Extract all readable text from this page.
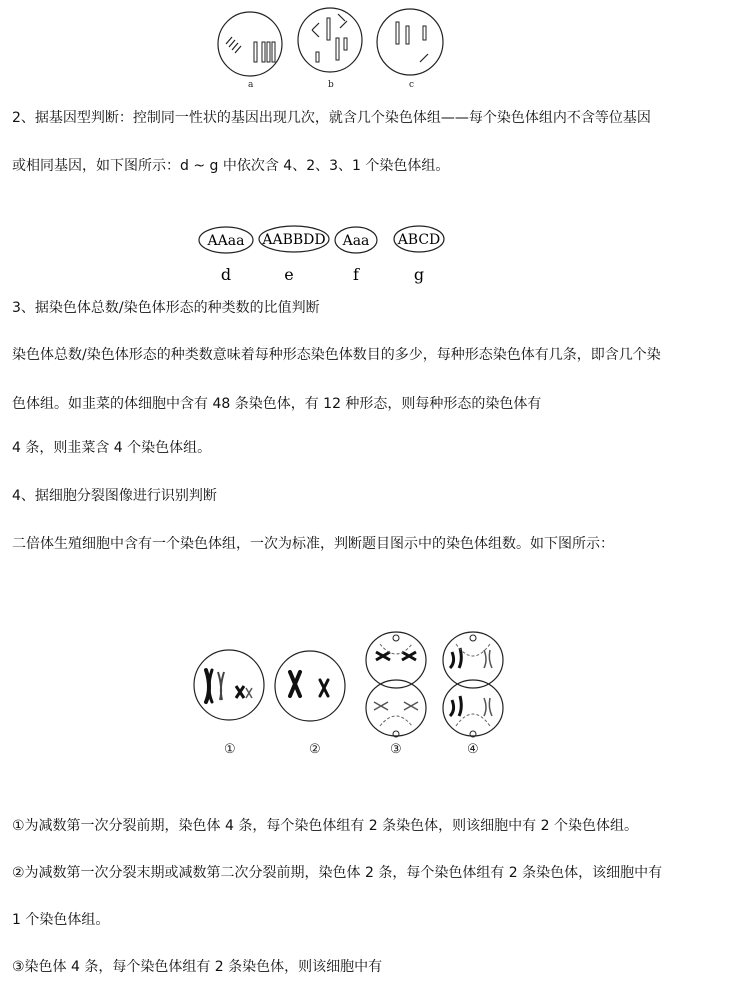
a	b	c
2、据基因型判断：控制同一性状的基因出现几次，就含几个染色体组——每个染色体组内不含等位基因
或相同基因，如下图所示：d ~ g 中依次含 4、2、3、1 个染色体组。
AAaa AABBDD Aaa ABCD
d	e	f	g
3、据染色体总数/染色体形态的种类数的比值判断
染色体总数/染色体形态的种类数意味着每种形态染色体数目的多少，每种形态染色体有几条，即含几个染
色体组。如韭菜的体细胞中含有 48 条染色体，有 12 种形态，则每种形态的染色体有
4 条，则韭菜含 4 个染色体组。
4、据细胞分裂图像进行识别判断
二倍体生殖细胞中含有一个染色体组，一次为标准，判断题目图示中的染色体组数。如下图所示：
①	②	③	④
①为减数第一次分裂前期，染色体 4 条，每个染色体组有 2 条染色体，则该细胞中有 2 个染色体组。
②为减数第一次分裂末期或减数第二次分裂前期，染色体 2 条，每个染色体组有 2 条染色体，该细胞中有
1 个染色体组。
③染色体 4 条，每个染色体组有 2 条染色体，则该细胞中有
